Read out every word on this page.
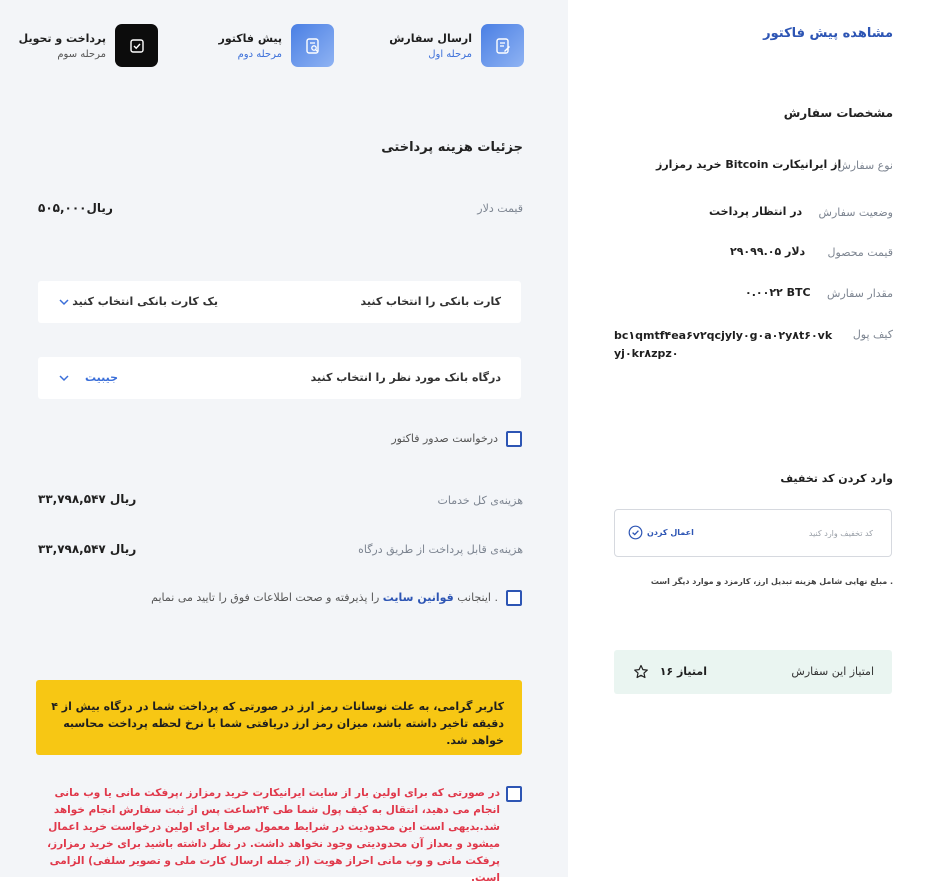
ارسال سفارش
مرحله اول
پیش فاکتور
مرحله دوم
پرداخت و تحویل
مرحله سوم
جزئیات هزینه پرداختی
قیمت دلار
۵۰۵,۰۰۰ریال
کارت بانکی را انتخاب کنید
یک کارت بانکی انتخاب کنید
درگاه بانک مورد نظر را انتخاب کنید
جیبیت
درخواست صدور فاکتور
هزینه‌ی کل خدمات
۳۳,۷۹۸,۵۴۷ ریال
هزینه‌ی قابل پرداخت از طریق درگاه
۳۳,۷۹۸,۵۴۷ ریال
اینجانب قوانین سایت را پذیرفته و صحت اطلاعات فوق را تایید می نمایم .

کاربر گرامی، به علت نوسانات رمز ارز در صورتی که پرداخت شما در درگاه بیش از ۴ دقیقه تاخیر داشته باشد، میزان رمز ارز دریافتی شما با نرخ لحظه پرداخت محاسبه خواهد شد.

در صورتی که برای اولین بار از سایت ایرانیکارت خرید رمزارز ،پرفکت مانی یا وب مانی انجام می دهید، انتقال به کیف پول شما طی ۲۴ساعت پس از ثبت سفارش انجام خواهد شد.بدیهی است این محدودیت در شرایط معمول صرفا برای اولین درخواست خرید اعمال میشود و بعداز آن محدودیتی وجود نخواهد داشت. در نظر داشته باشید برای خرید رمزارز، پرفکت مانی و وب مانی احراز هویت (از جمله ارسال کارت ملی و تصویر سلفی) الزامی است.

مشاهده پیش فاکتور
مشخصات سفارش
نوع سفارش
خرید رمزارز Bitcoin از ایرانیکارت
وضعیت سفارش
در انتظار پرداخت
قیمت محصول
۲۹۰۹۹.۰۵ دلار
مقدار سفارش
۰.۰۰۲۲ BTC
کیف پول
bc۱qmtf۴ea۶v۲qcjyly۰g۰a۰۲y۸t۶۰vkyj۰kr۸zpz۰
وارد کردن کد تخفیف
کد تخفیف وارد کنید
اعمال کردن
مبلغ نهایی شامل هزینه تبدیل ارز، کارمزد و موارد دیگر است .
امتیاز این سفارش
۱۶ امتیاز
